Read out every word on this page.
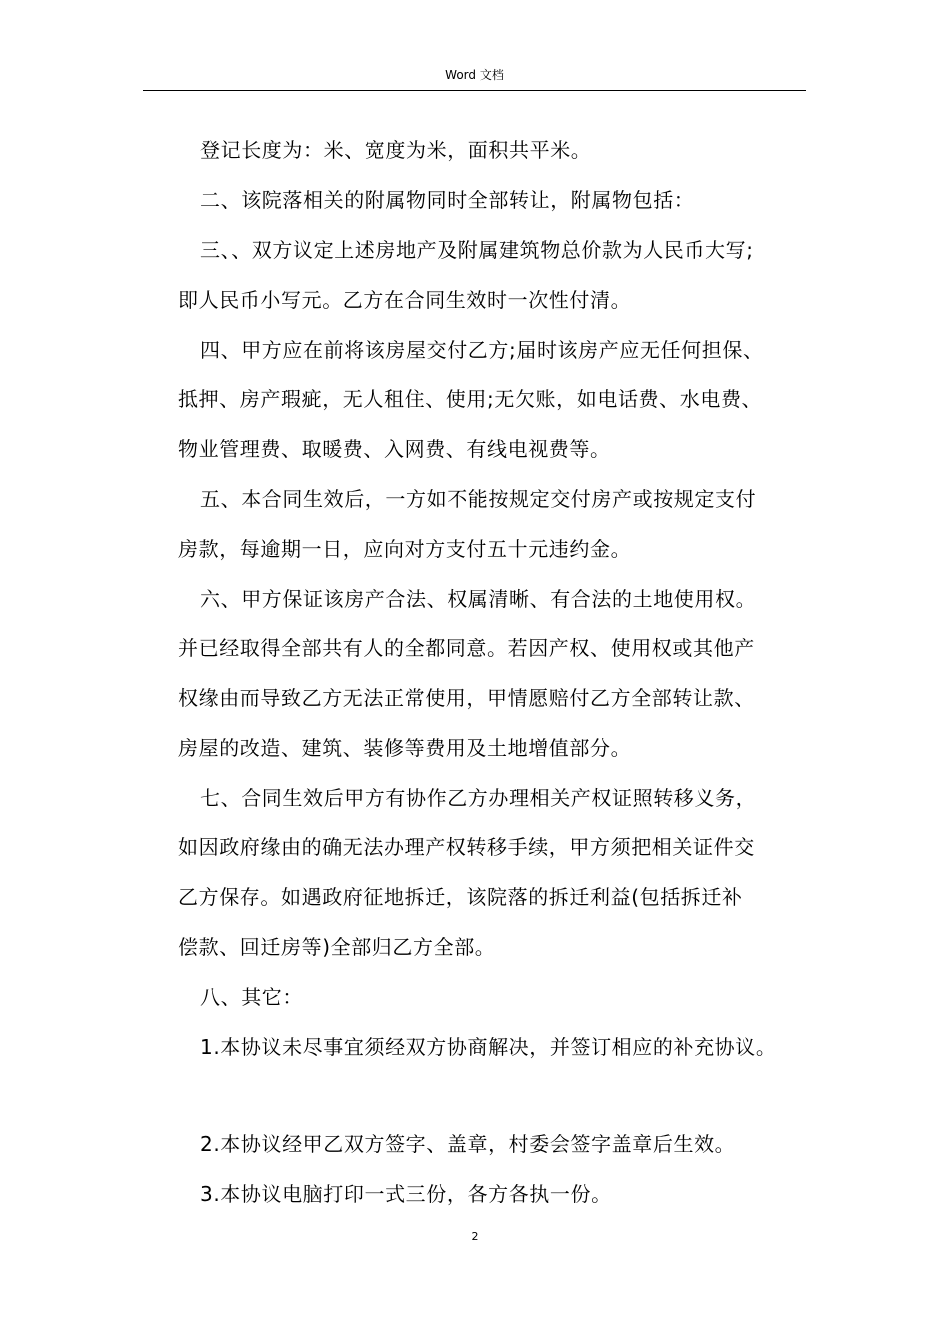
Word 文档
登记长度为：米、宽度为米，面积共平米。
二、该院落相关的附属物同时全部转让，附属物包括：
三、、双方议定上述房地产及附属建筑物总价款为人民币大写;
即人民币小写元。乙方在合同生效时一次性付清。
四、甲方应在前将该房屋交付乙方;届时该房产应无任何担保、
抵押、房产瑕疵，无人租住、使用;无欠账，如电话费、水电费、
物业管理费、取暖费、入网费、有线电视费等。
五、本合同生效后，一方如不能按规定交付房产或按规定支付
房款，每逾期一日，应向对方支付五十元违约金。
六、甲方保证该房产合法、权属清晰、有合法的土地使用权。
并已经取得全部共有人的全都同意。若因产权、使用权或其他产
权缘由而导致乙方无法正常使用，甲情愿赔付乙方全部转让款、
房屋的改造、建筑、装修等费用及土地增值部分。
七、合同生效后甲方有协作乙方办理相关产权证照转移义务，
如因政府缘由的确无法办理产权转移手续，甲方须把相关证件交
乙方保存。如遇政府征地拆迁，该院落的拆迁利益(包括拆迁补
偿款、回迁房等)全部归乙方全部。
八、其它：
1.本协议未尽事宜须经双方协商解决，并签订相应的补充协议。
2.本协议经甲乙双方签字、盖章，村委会签字盖章后生效。
3.本协议电脑打印一式三份，各方各执一份。
2
